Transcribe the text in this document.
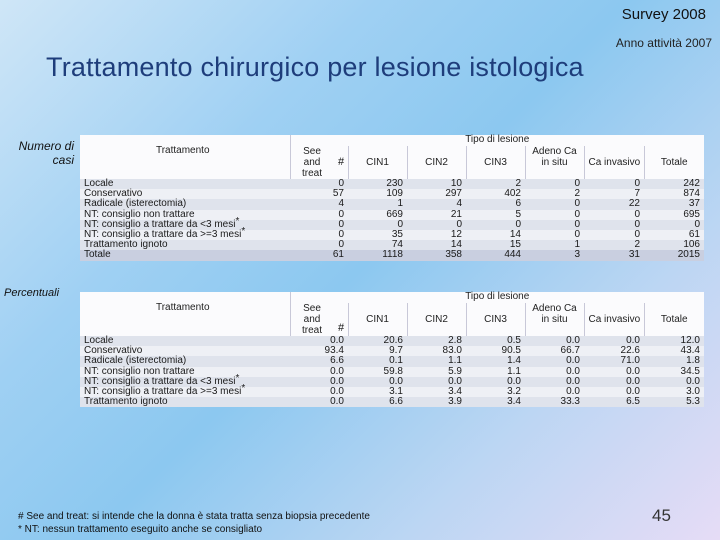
Survey 2008
Anno attività 2007
Trattamento chirurgico per lesione istologica
Numero di casi
Percentuali
	Tipo di lesione						
Trattamento	See and treat	CIN1	CIN2	CIN3	Adeno Ca in situ	Ca invasivo	Totale
Locale	0	230	10	2	0	0	242
Conservativo	57	109	297	402	2	7	874
Radicale (isterectomia)	4	1	4	6	0	22	37
NT: consiglio non trattare	0	669	21	5	0	0	695
NT: consiglio a trattare da <3 mesi*	0	0	0	0	0	0	0
NT: consiglio a trattare da >=3 mesi*	0	35	12	14	0	0	61
Trattamento ignoto	0	74	14	15	1	2	106
Totale	61	1118	358	444	3	31	2015
#
	Tipo di lesione						
Trattamento	See and treat	CIN1	CIN2	CIN3	Adeno Ca in situ	Ca invasivo	Totale
Locale	0.0	20.6	2.8	0.5	0.0	0.0	12.0
Conservativo	93.4	9.7	83.0	90.5	66.7	22.6	43.4
Radicale (isterectomia)	6.6	0.1	1.1	1.4	0.0	71.0	1.8
NT: consiglio non trattare	0.0	59.8	5.9	1.1	0.0	0.0	34.5
NT: consiglio a trattare da <3 mesi*	0.0	0.0	0.0	0.0	0.0	0.0	0.0
NT: consiglio a trattare da >=3 mesi*	0.0	3.1	3.4	3.2	0.0	0.0	3.0
Trattamento ignoto	0.0	6.6	3.9	3.4	33.3	6.5	5.3
#
# See and treat: si intende che la donna è stata tratta senza biopsia precedente
* NT: nessun trattamento eseguito anche se consigliato
45
